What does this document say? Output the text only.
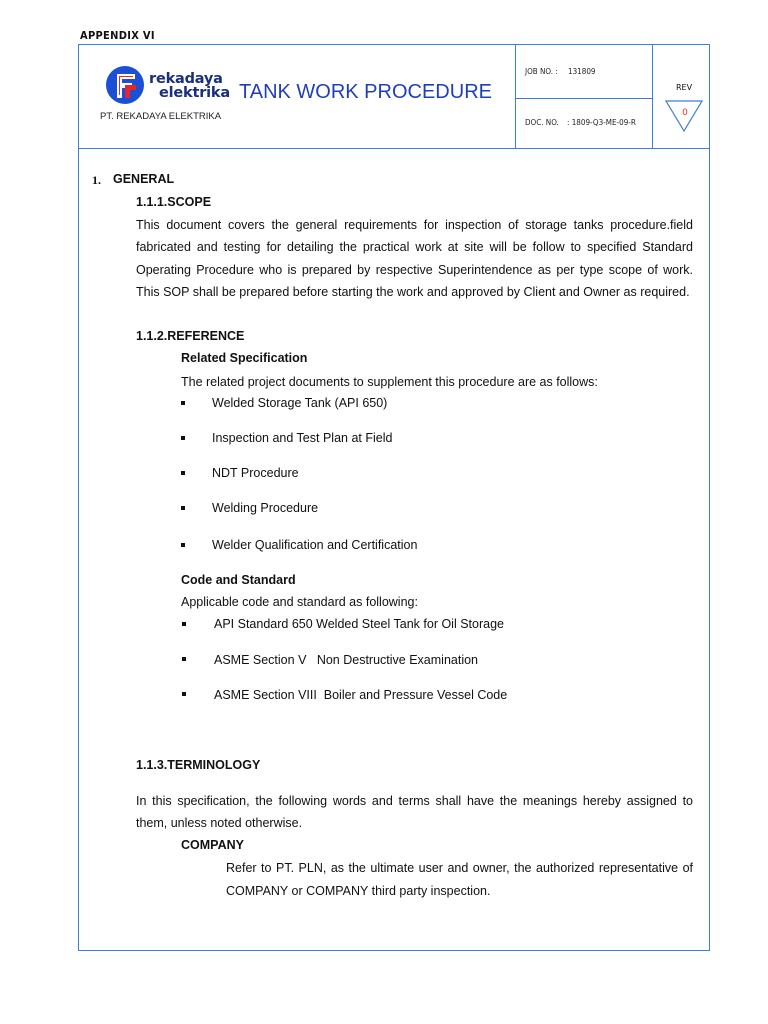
APPENDIX VI
rekadaya
elektrika TANK WORK PROCEDURE
PT. REKADAYA ELEKTRIKA
JOB NO. : 131809
DOC. NO. : 1809-Q3-ME-09-R
REV
0
1. GENERAL
1.1.1.SCOPE
This document covers the general requirements for inspection of storage tanks procedure.field
fabricated and testing for detailing the practical work at site will be follow to specified Standard
Operating Procedure who is prepared by respective Superintendence as per type scope of work.
This SOP shall be prepared before starting the work and approved by Client and Owner as required.
1.1.2.REFERENCE
Related Specification
The related project documents to supplement this procedure are as follows:
Welded Storage Tank (API 650)
Inspection and Test Plan at Field
NDT Procedure
Welding Procedure
Welder Qualification and Certification
Code and Standard
Applicable code and standard as following:
API Standard 650 Welded Steel Tank for Oil Storage
ASME Section V   Non Destructive Examination
ASME Section VIII  Boiler and Pressure Vessel Code
1.1.3.TERMINOLOGY
In this specification, the following words and terms shall have the meanings hereby assigned to
them, unless noted otherwise.
COMPANY
Refer to PT. PLN, as the ultimate user and owner, the authorized representative of
COMPANY or COMPANY third party inspection.
